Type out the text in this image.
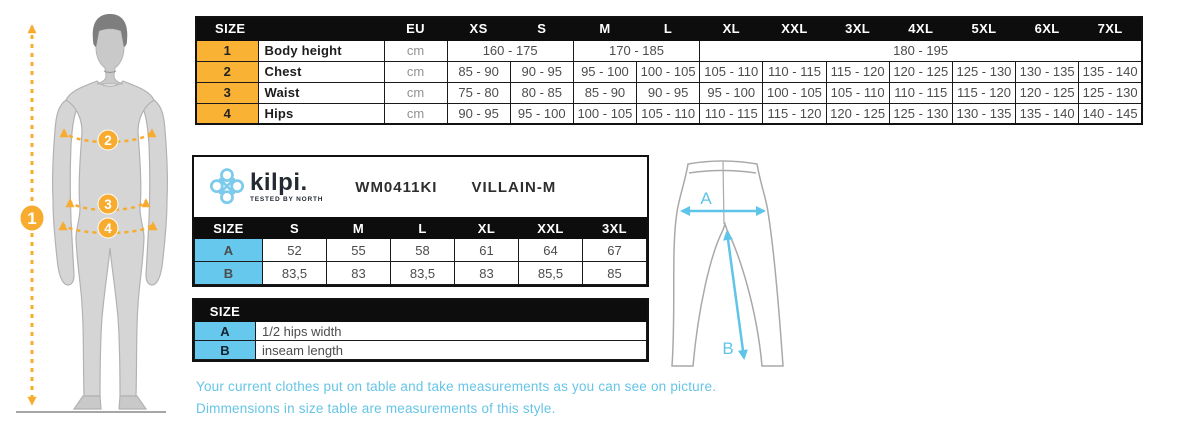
1
2
3
4
SIZE		EU	XS	S	M	L	XL	XXL	3XL	4XL	5XL	6XL	7XL
1	Body height	cm	160 - 175		170 - 185		180 - 195						
2	Chest	cm	85 - 90	90 - 95	95 - 100	100 - 105	105 - 110	110 - 115	115 - 120	120 - 125	125 - 130	130 - 135	135 - 140
3	Waist	cm	75 - 80	80 - 85	85 - 90	90 - 95	95 - 100	100 - 105	105 - 110	110 - 115	115 - 120	120 - 125	125 - 130
4	Hips	cm	90 - 95	95 - 100	100 - 105	105 - 110	110 - 115	115 - 120	120 - 125	125 - 130	130 - 135	135 - 140	140 - 145
kilpi.
TESTED BY NORTH
WM0411KI VILLAIN-M
SIZE	S	M	L	XL	XXL	3XL
A	52	55	58	61	64	67
B	83,5	83	83,5	83	85,5	85
SIZE	
A	1/2 hips width
B	inseam length
A
B
Your current clothes put on table and take measurements as you can see on picture.
Dimmensions in size table are measurements of this style.
